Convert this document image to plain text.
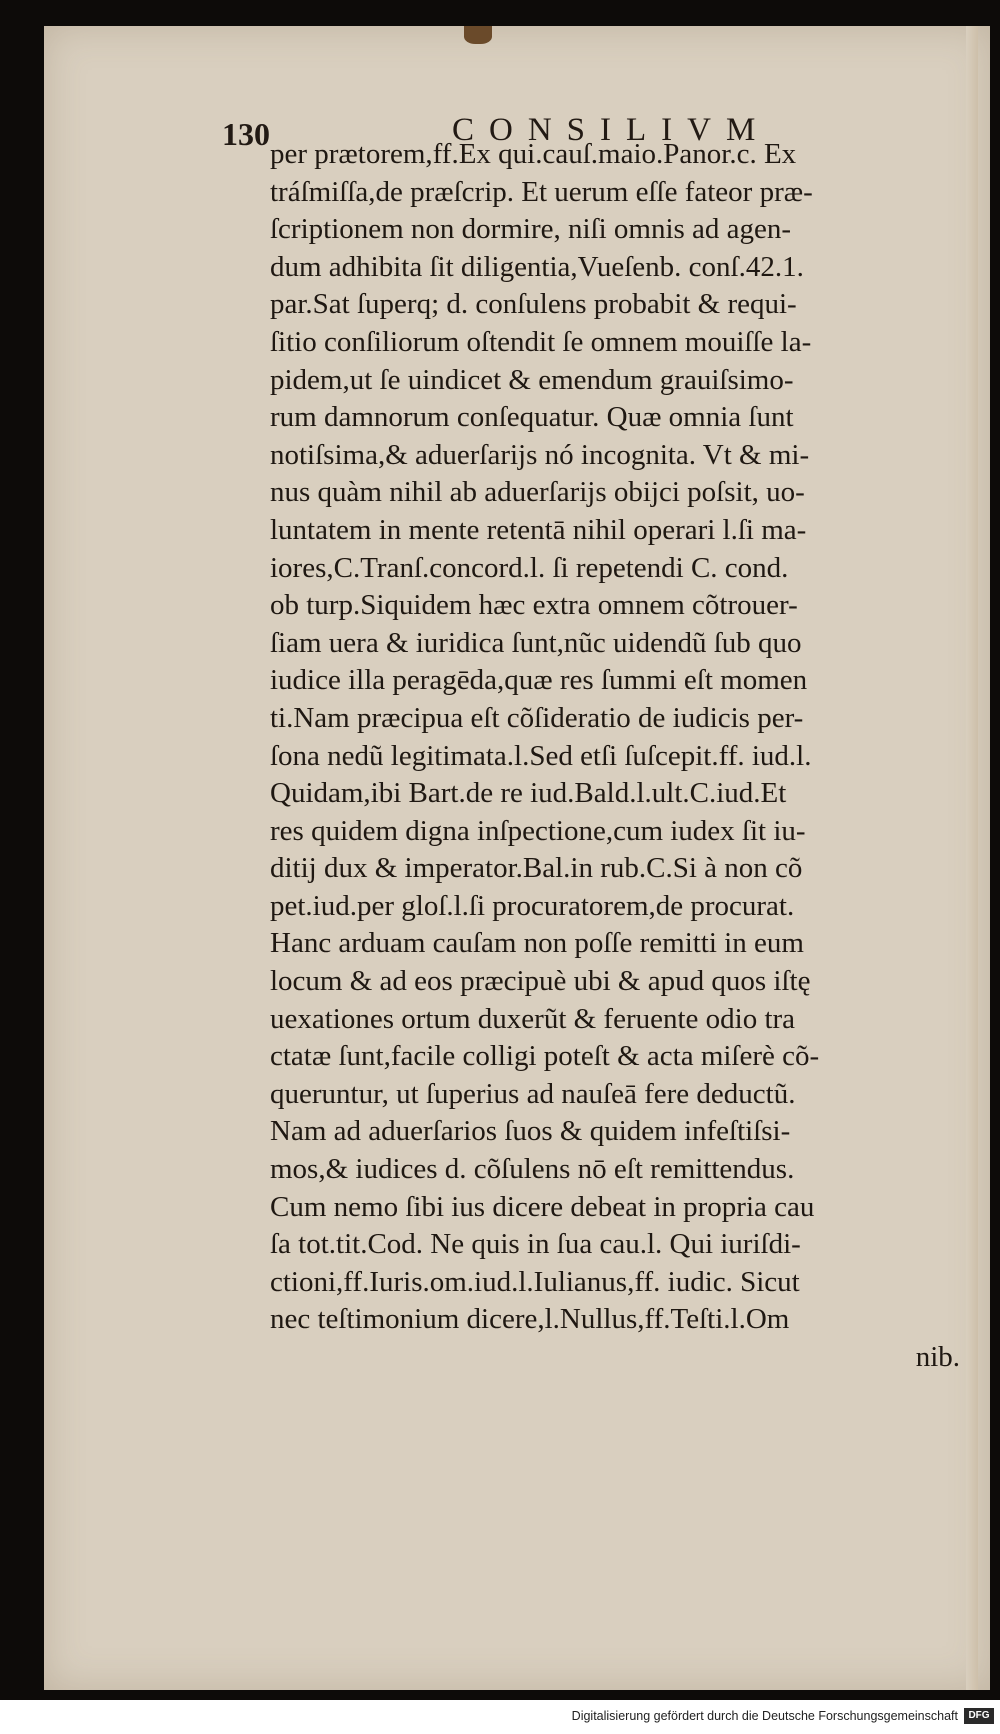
130	CONSILIVM
per prætorem,ff.Ex qui.cauſ.maio.Panor.c. Ex
tráſmiſſa,de præſcrip. Et uerum eſſe fateor præ-
ſcriptionem non dormire, niſi omnis ad agen-
dum adhibita ſit diligentia,Vueſenb. conſ.42.1.
par.Sat ſuperq; d. conſulens probabit & requi-
ſitio conſiliorum oſtendit ſe omnem mouiſſe la-
pidem,ut ſe uindicet & emendum grauiſsimo-
rum damnorum conſequatur. Quæ omnia ſunt
notiſsima,& aduerſarijs nó incognita. Vt & mi-
nus quàm nihil ab aduerſarijs obijci poſsit, uo-
luntatem in mente retentā nihil operari l.ſi ma-
iores,C.Tranſ.concord.l. ſi repetendi C. cond.
ob turp.Siquidem hæc extra omnem cõtrouer-
ſiam uera & iuridica ſunt,nũc uidendũ ſub quo
iudice illa peragēda,quæ res ſummi eſt momen
ti.Nam præcipua eſt cõſideratio de iudicis per-
ſona nedũ legitimata.l.Sed etſi ſuſcepit.ff. iud.l.
Quidam,ibi Bart.de re iud.Bald.l.ult.C.iud.Et
res quidem digna inſpectione,cum iudex ſit iu-
ditij dux & imperator.Bal.in rub.C.Si à non cõ
pet.iud.per gloſ.l.ſi procuratorem,de procurat.
Hanc arduam cauſam non poſſe remitti in eum
locum & ad eos præcipuè ubi & apud quos iſtę
uexationes ortum duxerũt & feruente odio tra
ctatæ ſunt,facile colligi poteſt & acta miſerè cõ-
queruntur, ut ſuperius ad nauſeā fere deductũ.
Nam ad aduerſarios ſuos & quidem infeſtiſsi-
mos,& iudices d. cõſulens nō eſt remittendus.
Cum nemo ſibi ius dicere debeat in propria cau
ſa tot.tit.Cod. Ne quis in ſua cau.l. Qui iuriſdi-
ctioni,ff.Iuris.om.iud.l.Iulianus,ff. iudic. Sicut
nec teſtimonium dicere,l.Nullus,ff.Teſti.l.Om
nib.
Digitalisierung gefördert durch die Deutsche Forschungsgemeinschaft	DFG
